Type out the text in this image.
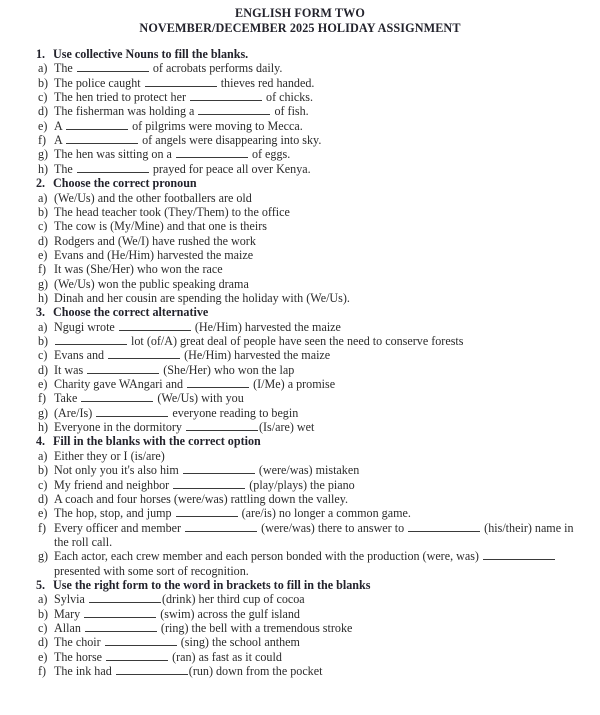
ENGLISH FORM TWO
NOVEMBER/DECEMBER 2025 HOLIDAY ASSIGNMENT
1. Use collective Nouns to fill the blanks.
a) The	of acrobats performs daily.
b) The police caught	thieves red handed.
c) The hen tried to protect her	of chicks.
d) The fisherman was holding a	of fish.
e) A	of pilgrims were moving to Mecca.
f) A	of angels were disappearing into sky.
g) The hen was sitting on a	of eggs.
h) The	prayed for peace all over Kenya.
2. Choose the correct pronoun
a) (We/Us) and the other footballers are old
b) The head teacher took (They/Them) to the office
c) The cow is (My/Mine) and that one is theirs
d) Rodgers and (We/I) have rushed the work
e) Evans and (He/Him) harvested the maize
f) It was (She/Her) who won the race
g) (We/Us) won the public speaking drama
h) Dinah and her cousin are spending the holiday with (We/Us).
3. Choose the correct alternative
a) Ngugi wrote	(He/Him) harvested the maize
b)	lot (of/A) great deal of people have seen the need to conserve forests
c) Evans and	(He/Him) harvested the maize
d) It was	(She/Her) who won the lap
e) Charity gave WAngari and	(I/Me) a promise
f) Take	(We/Us) with you
g) (Are/Is)	everyone reading to begin
h) Everyone in the dormitory	(Is/are) wet
4. Fill in the blanks with the correct option
a) Either they or I (is/are)
b) Not only you it's also him	(were/was) mistaken
c) My friend and neighbor	(play/plays) the piano
d) A coach and four horses (were/was) rattling down the valley.
e) The hop, stop, and jump	(are/is) no longer a common game.
f) Every officer and member	(were/was) there to answer to	(his/their) name in the roll call.
g) Each actor, each crew member and each person bonded with the production (were, was)  presented with some sort of recognition.
5. Use the right form to the word in brackets to fill in the blanks
a) Sylvia	(drink) her third cup of cocoa
b) Mary	(swim) across the gulf island
c) Allan	(ring) the bell with a tremendous stroke
d) The choir	(sing) the school anthem
e) The horse	(ran) as fast as it could
f) The ink had	(run) down from the pocket
